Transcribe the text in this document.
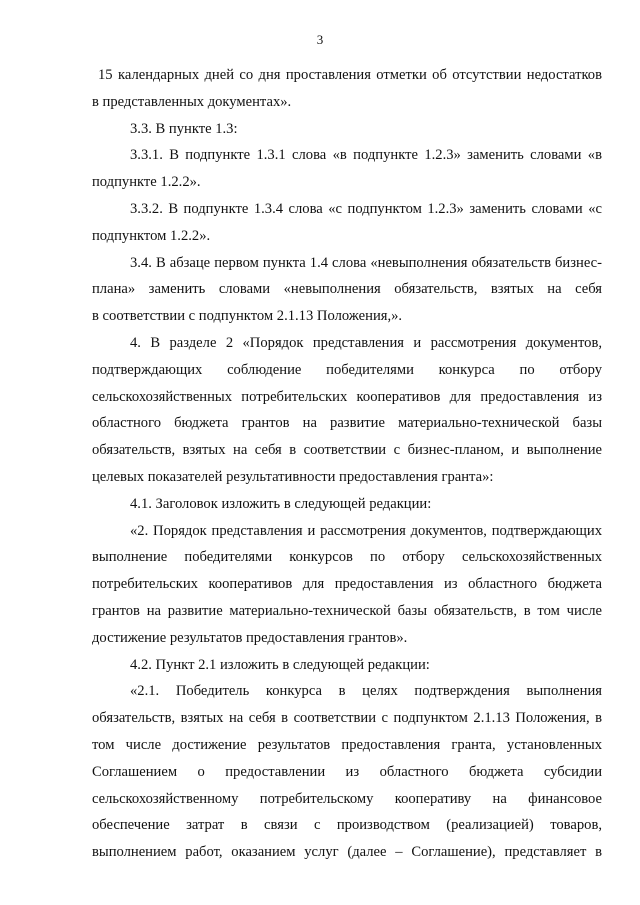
3
15 календарных дней со дня проставления отметки об отсутствии недостатков
в представленных документах».
3.3. В пункте 1.3:
3.3.1. В подпункте 1.3.1 слова «в подпункте 1.2.3» заменить словами «в
подпункте 1.2.2».
3.3.2. В подпункте 1.3.4 слова «с подпунктом 1.2.3» заменить словами «с
подпунктом 1.2.2».
3.4. В абзаце первом пункта 1.4 слова «невыполнения обязательств бизнес-
плана» заменить словами «невыполнения обязательств, взятых на себя
в соответствии с подпунктом 2.1.13 Положения,».
4. В разделе 2 «Порядок представления и рассмотрения документов,
подтверждающих соблюдение победителями конкурса по отбору
сельскохозяйственных потребительских кооперативов для предоставления из
областного бюджета грантов на развитие материально-технической базы
обязательств, взятых на себя в соответствии с бизнес-планом, и выполнение
целевых показателей результативности предоставления гранта»:
4.1. Заголовок изложить в следующей редакции:
«2. Порядок представления и рассмотрения документов, подтверждающих
выполнение победителями конкурсов по отбору сельскохозяйственных
потребительских кооперативов для предоставления из областного бюджета
грантов на развитие материально-технической базы обязательств, в том числе
достижение результатов предоставления грантов».
4.2. Пункт 2.1 изложить в следующей редакции:
«2.1. Победитель конкурса в целях подтверждения выполнения
обязательств, взятых на себя в соответствии с подпунктом 2.1.13 Положения, в
том числе достижение результатов предоставления гранта, установленных
Соглашением о предоставлении из областного бюджета субсидии
сельскохозяйственному потребительскому кооперативу на финансовое
обеспечение затрат в связи с производством (реализацией) товаров,
выполнением работ, оказанием услуг (далее – Соглашение), представляет в
